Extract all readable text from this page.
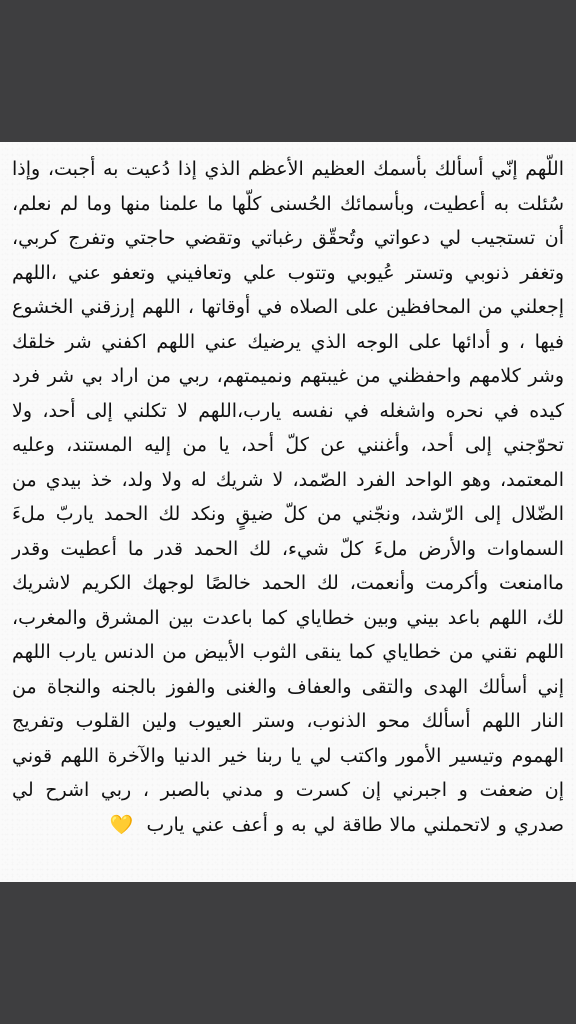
اللّهم إنّي أسألك بأسمك العظيم الأعظم الذي إذا دُعيت به أجبت، وإذا سُئلت به أعطيت، وبأسمائك الحُسنى كلّها ما علمنا منها وما لم نعلم، أن تستجيب لي دعواتي وتُحقّق رغباتي وتقضي حاجتي وتفرج كربي، وتغفر ذنوبي وتستر عُيوبي وتتوب علي وتعافيني وتعفو عني ،اللهم إجعلني من المحافظين على الصلاه في أوقاتها ، اللهم إرزقني الخشوع فيها ، و أدائها على الوجه الذي يرضيك عني اللهم اكفني شر خلقك وشر كلامهم واحفظني من غيبتهم ونميمتهم، ربي من اراد بي شر فرد كيده في نحره واشغله في نفسه يارب،اللهم لا تكلني إلى أحد، ولا تحوّجني إلى أحد، وأغنني عن كلّ أحد، يا من إليه المستند، وعليه المعتمد، وهو الواحد الفرد الصّمد، لا شريك له ولا ولد، خذ بيدي من الضّلال إلى الرّشد، ونجّني من كلّ ضيقٍ ونكد لك الحمد ياربّ ملءَ السماوات والأرض ملءَ كلّ شيء، لك الحمد قدر ما أعطيت وقدر ماامنعت وأكرمت وأنعمت، لك الحمد خالصًا لوجهك الكريم لاشريك لك، اللهم باعد بيني وبين خطاياي كما باعدت بين المشرق والمغرب، اللهم نقني من خطاياي كما ينقى الثوب الأبيض من الدنس يارب اللهم إني أسألك الهدى والتقى والعفاف والغنى والفوز بالجنه والنجاة من النار اللهم أسألك محو الذنوب، وستر العيوب ولين القلوب وتفريج الهموم وتيسير الأمور واكتب لي يا ربنا خير الدنيا والآخرة اللهم قوني إن ضعفت و اجبرني إن كسرت و مدني بالصبر ، ربي اشرح لي صدري و لاتحملني مالا طاقة لي به و أعف عني يارب 💛
